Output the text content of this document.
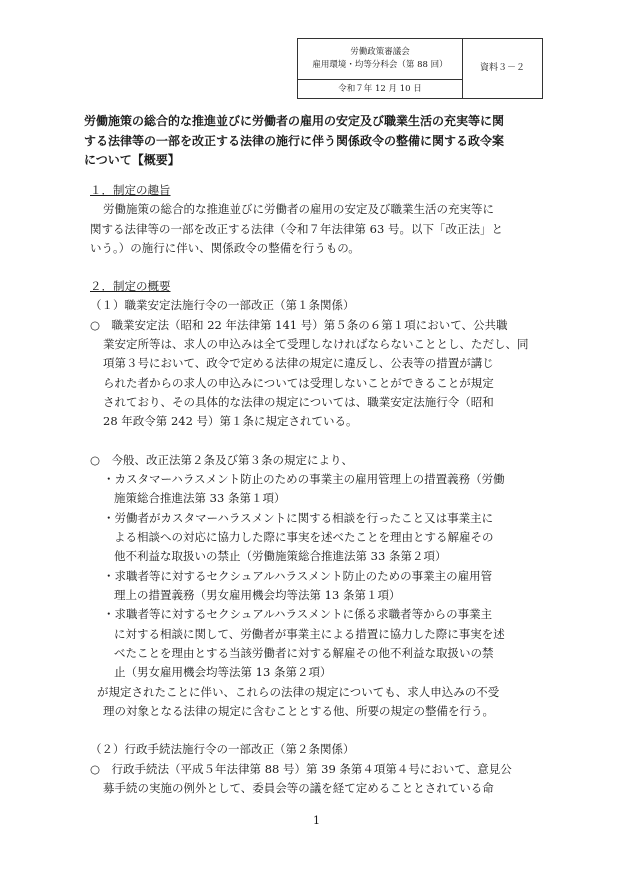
労働政策審議会
雇用環境・均等分科会（第 88 回）
令和７年 12 月 10 日
資料３－２
労働施策の総合的な推進並びに労働者の雇用の安定及び職業生活の充実等に関
する法律等の一部を改正する法律の施行に伴う関係政令の整備に関する政令案
について【概要】
１．制定の趣旨
労働施策の総合的な推進並びに労働者の雇用の安定及び職業生活の充実等に
関する法律等の一部を改正する法律（令和７年法律第 63 号。以下「改正法」と
いう。）の施行に伴い、関係政令の整備を行うもの。
２．制定の概要
（１）職業安定法施行令の一部改正（第１条関係）
○　職業安定法（昭和 22 年法律第 141 号）第５条の６第１項において、公共職
業安定所等は、求人の申込みは全て受理しなければならないこととし、ただし、同
項第３号において、政令で定める法律の規定に違反し、公表等の措置が講じ
られた者からの求人の申込みについては受理しないことができることが規定
されており、その具体的な法律の規定については、職業安定法施行令（昭和
28 年政令第 242 号）第１条に規定されている。
○　今般、改正法第２条及び第３条の規定により、
・カスタマーハラスメント防止のための事業主の雇用管理上の措置義務（労働
施策総合推進法第 33 条第１項）
・労働者がカスタマーハラスメントに関する相談を行ったこと又は事業主に
よる相談への対応に協力した際に事実を述べたことを理由とする解雇その
他不利益な取扱いの禁止（労働施策総合推進法第 33 条第２項）
・求職者等に対するセクシュアルハラスメント防止のための事業主の雇用管
理上の措置義務（男女雇用機会均等法第 13 条第１項）
・求職者等に対するセクシュアルハラスメントに係る求職者等からの事業主
に対する相談に関して、労働者が事業主による措置に協力した際に事実を述
べたことを理由とする当該労働者に対する解雇その他不利益な取扱いの禁
止（男女雇用機会均等法第 13 条第２項）
が規定されたことに伴い、これらの法律の規定についても、求人申込みの不受
理の対象となる法律の規定に含むこととする他、所要の規定の整備を行う。
（２）行政手続法施行令の一部改正（第２条関係）
○　行政手続法（平成５年法律第 88 号）第 39 条第４項第４号において、意見公
募手続の実施の例外として、委員会等の議を経て定めることとされている命
1
